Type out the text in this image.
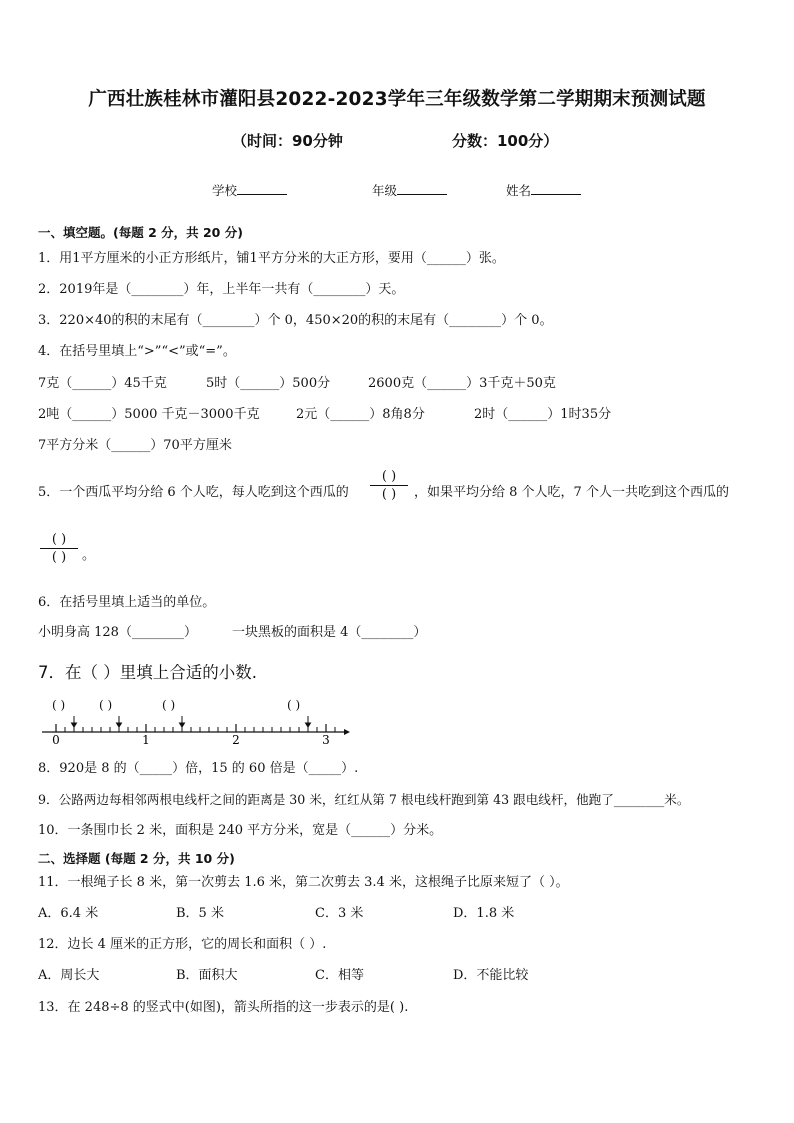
广西壮族桂林市灌阳县2022-2023学年三年级数学第二学期期末预测试题
（时间：90分钟	分数：100分）
学校	年级	姓名
一、填空题。(每题 2 分，共 20 分)
1．用1平方厘米的小正方形纸片，铺1平方分米的大正方形，要用（______）张。
2．2019年是（________）年，上半年一共有（________）天。
3．220×40的积的末尾有（________）个 0，450×20的积的末尾有（________）个 0。
4．在括号里填上“>”“<”或“=”。
7克（______）45千克	5时（______）500分	2600克（______）3千克＋50克
2吨（______）5000 千克－3000千克	2元（______）8角8分	2时（______）1时35分
7平方分米（______）70平方厘米
5．一个西瓜平均分给 6 个人吃，每人吃到这个西瓜的
( )
( )	，如果平均分给 8 个人吃，7 个人一共吃到这个西瓜的
( )
( )	。
6．在括号里填上适当的单位。
小明身高 128（________）	一块黑板的面积是 4（________）
7．在（ ）里填上合适的小数.
( )	( )	( )	( )
0	1	2	3
8．920是 8 的（_____）倍，15 的 60 倍是（_____）.
9．公路两边每相邻两根电线杆之间的距离是 30 米，红红从第 7 根电线杆跑到第 43 跟电线杆，他跑了________米。
10．一条围巾长 2 米，面积是 240 平方分米，宽是（______）分米。
二、选择题 (每题 2 分，共 10 分)
11．一根绳子长 8 米，第一次剪去 1.6 米，第二次剪去 3.4 米，这根绳子比原来短了（ ）。
A．6.4 米	B．5 米	C．3 米	D．1.8 米
12．边长 4 厘米的正方形，它的周长和面积（ ）.
A．周长大	B．面积大	C．相等	D．不能比较
13．在 248÷8 的竖式中(如图)，箭头所指的这一步表示的是( ).
